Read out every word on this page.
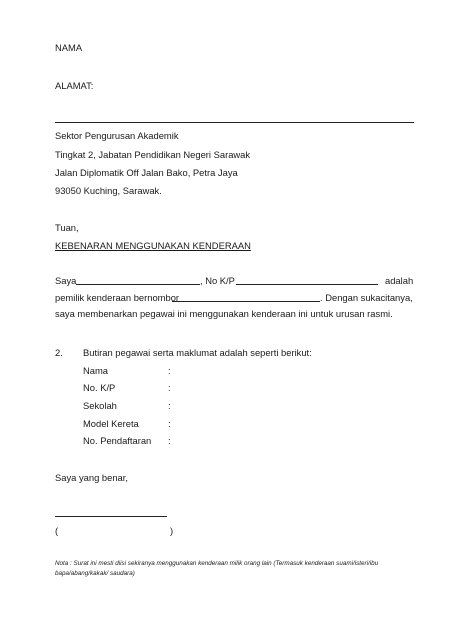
NAMA
ALAMAT:
Sektor Pengurusan Akademik
Tingkat 2, Jabatan Pendidikan Negeri Sarawak
Jalan Diplomatik Off Jalan Bako, Petra Jaya
93050 Kuching, Sarawak.
Tuan,
KEBENARAN MENGGUNAKAN KENDERAAN
Saya	, No K/P	adalah
pemilik kenderaan bernombor	. Dengan sukacitanya,
saya membenarkan pegawai ini menggunakan kenderaan ini untuk urusan rasmi.
2. Butiran pegawai serta maklumat adalah seperti berikut:
Nama	:
No. K/P	:
Sekolah	:
Model Kereta	:
No. Pendaftaran :
Saya yang benar,
(	)
Nota : Surat ini mesti diisi sekiranya menggunakan kenderaan milik orang lain (Termasuk kenderaan suami/isteri/ibu bapa/abang/kakak/ saudara)
